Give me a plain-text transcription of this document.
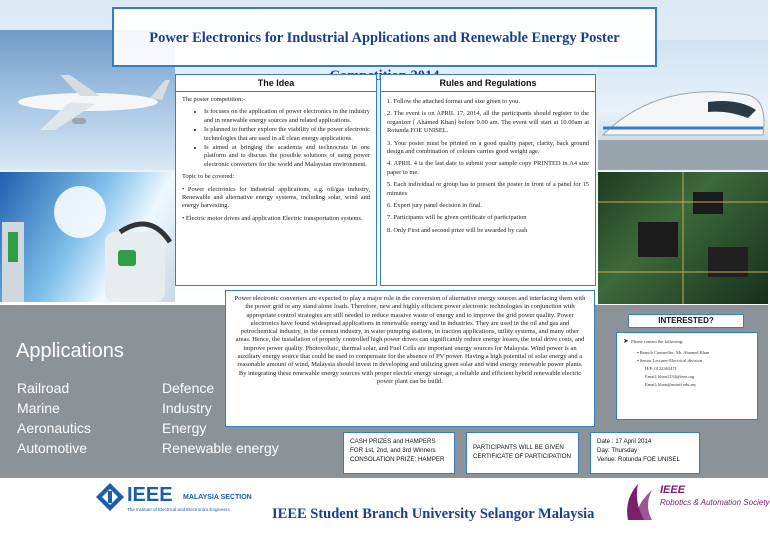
Power Electronics for Industrial Applications and Renewable Energy Poster
The Idea
The poster competition:-
• Is focuses on the application of power electronics in the industry and in renewable energy sources and related applications.
• Is planned to further explore the viability of the power electronic technologies that are used in all clean energy applications.
• Is aimed at bringing the academia and technocrats in one platform and to discuss the possible solutions of using power electronic converters for the world and Malaysian environment.

Topic to be covered:

• Power electronics for industrial applications, e.g. oil/gas industry, Renewable and alternative energy systems, including solar, wind and energy harvesting.

• Electric motor drives and application Electric transportation systems.

Rules and Regulations

1. Follow the attached format and size given to you.

2. The event is on APRIL 17, 2014, all the participants should register to the organizer [ Ahamed Khan] before 9.00 am. The event will start at 10.00am at Rotunda FOE UNISEL.

3. Your poster must be printed on a good quality paper, clarity, back ground design and combination of colours carries good weight age.

4. APRIL 4 is the last date to submit your sample copy PRINTED in A4 size paper to me.

5. Each individual or group has to present the poster in front of a panel for 15 minutes

6. Expert jury panel decision in final.

7. Participants will be given certificate of participation

8. Only First and second prize will be awarded by cash

Power electronic converters are expected to play a major role in the conversion of alternative energy sources and interfacing them with the power grid or any stand alone loads. Therefore, new and highly efficient power electronic technologies in conjunction with appropriate control strategies are still needed to reduce massive waste of energy and to improve the grid power quality. Power electronics have found widespread applications in renewable energy and in industries. They are used in the oil and gas and petrochemical industry, in the cement industry, in water pumping stations, in traction applications, utility systems, and many other areas. Hence, the installation of properly controlled high power drives can significantly reduce energy losses, the total drive costs, and improve power quality. Photovoltaic, thermal solar, and Fuel Cells are important energy sources for Malaysia. Wind power is an auxiliary energy source that could be used to compensate for the absence of PV power. Having a high potential of solar energy and a reasonable amount of wind, Malaysia should invest in developing and utilizing green solar and wind energy renewable power plants. By integrating these renewable energy sources with proper electric energy storage, a reliable and efficient hybrid renewable electric power plant can be build.
Applications
Railroad
Marine
Aeronautics
Automotive
Defence
Industry
Energy
Renewable energy
INTERESTED?
➤ Please contact the following:
▪ Branch Counsellor: Mr. Ahamed Khan
▪ Senior Lecturer-Electrical division
H/P: 0122365471
Email: khan1234@ieee.org
Email: khan@unisel.edu.my
CASH PRIZES and HAMPERS
FOR 1st, 2nd, and 3rd Winners
CONSOLATION PRIZE: HAMPER
PARTICIPANTS WILL BE GIVEN
CERTIFICATE OF PARTICIPATION
Date : 17 April 2014
Day: Thursday
Venue: Rotunda FOE UNISEL
IEEE MALAYSIA SECTION
The Institute of Electrical and Electronics Engineers	IEEE Student Branch University Selangor Malaysia
IEEE
Robotics & Automation Society
